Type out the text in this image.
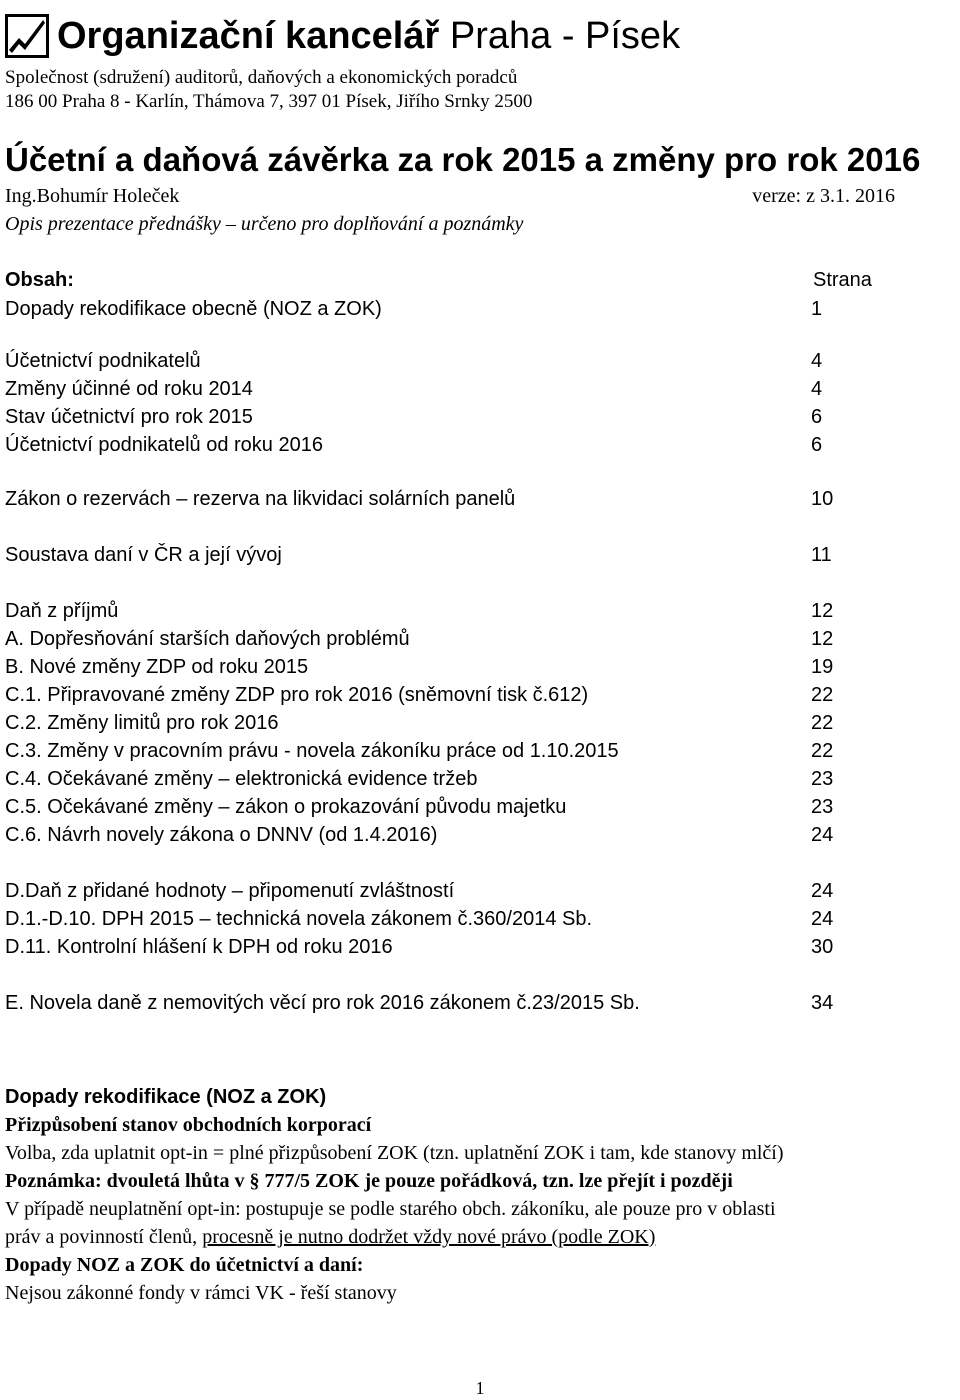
Organizační kancelář Praha - Písek
Společnost (sdružení) auditorů, daňových a ekonomických poradců
186 00 Praha 8 - Karlín, Thámova 7, 397 01 Písek, Jiřího Srnky 2500
Účetní a daňová závěrka za rok 2015 a změny pro rok 2016
Ing.Bohumír Holeček	verze: z 3.1. 2016
Opis prezentace přednášky – určeno pro doplňování a poznámky
Obsah:	Strana
Dopady rekodifikace obecně (NOZ a ZOK)	1
Účetnictví podnikatelů	4
Změny účinné od roku 2014	4
Stav účetnictví pro rok 2015	6
Účetnictví podnikatelů od roku 2016	6
Zákon o rezervách – rezerva na likvidaci solárních panelů	10
Soustava daní v ČR a její vývoj	11
Daň z příjmů	12
A. Dopřesňování starších daňových problémů	12
B. Nové změny ZDP od roku 2015	19
C.1. Připravované změny ZDP pro rok 2016 (sněmovní tisk č.612)	22
C.2. Změny limitů pro rok 2016	22
C.3. Změny v pracovním právu - novela zákoníku práce od 1.10.2015	22
C.4. Očekávané změny – elektronická evidence tržeb	23
C.5. Očekávané změny – zákon o prokazování původu majetku	23
C.6. Návrh novely zákona o DNNV (od 1.4.2016)	24
D.Daň z přidané hodnoty – připomenutí zvláštností	24
D.1.-D.10. DPH 2015 – technická novela zákonem č.360/2014 Sb.	24
D.11. Kontrolní hlášení k DPH od roku 2016	30
E. Novela daně z nemovitých věcí pro rok 2016 zákonem č.23/2015 Sb.	34
Dopady rekodifikace (NOZ a ZOK)

Přizpůsobení stanov obchodních korporací

Volba, zda uplatnit opt-in = plné přizpůsobení ZOK (tzn. uplatnění ZOK i tam, kde stanovy mlčí)

Poznámka: dvouletá lhůta v § 777/5 ZOK je pouze pořádková, tzn. lze přejít i později

V případě neuplatnění opt-in: postupuje se podle starého obch. zákoníku, ale pouze pro v oblasti

práv a povinností členů, procesně je nutno dodržet vždy nové právo (podle ZOK)

Dopady NOZ a ZOK do účetnictví a daní:

Nejsou zákonné fondy v rámci VK - řeší stanovy

1
